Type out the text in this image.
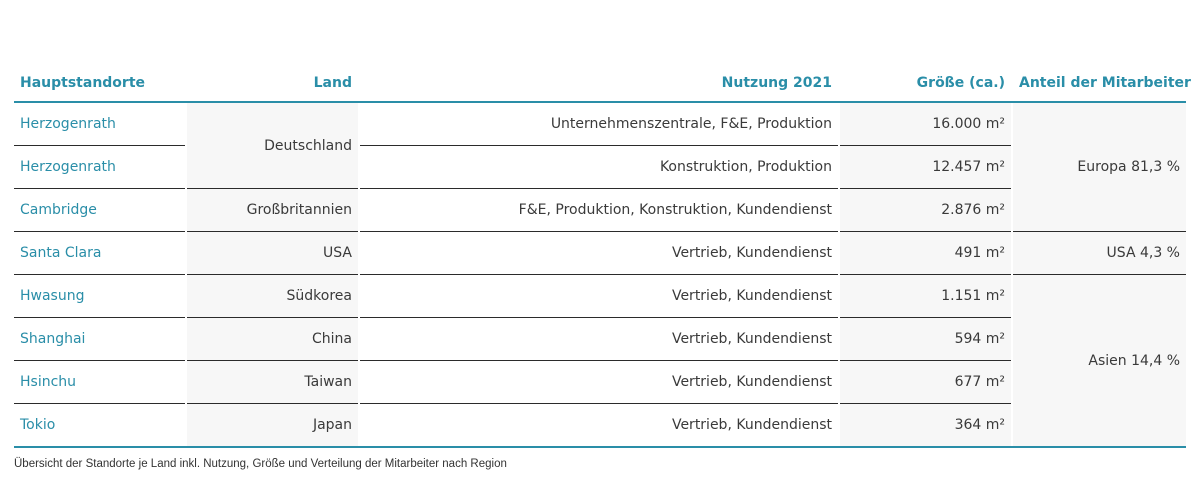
Hauptstandorte	Land	Nutzung 2021	Größe (ca.)	Anteil der Mitarbeiter
Herzogenrath	Deutschland	Unternehmenszentrale, F&E, Produktion	16.000 m²	Europa 81,3 %
Herzogenrath		Konstruktion, Produktion	12.457 m²	
Cambridge	Großbritannien	F&E, Produktion, Konstruktion, Kundendienst	2.876 m²	
Santa Clara	USA	Vertrieb, Kundendienst	491 m²	USA 4,3 %
Hwasung	Südkorea	Vertrieb, Kundendienst	1.151 m²	Asien 14,4 %
Shanghai	China	Vertrieb, Kundendienst	594 m²	
Hsinchu	Taiwan	Vertrieb, Kundendienst	677 m²	
Tokio	Japan	Vertrieb, Kundendienst	364 m²	
Übersicht der Standorte je Land inkl. Nutzung, Größe und Verteilung der Mitarbeiter nach Region
